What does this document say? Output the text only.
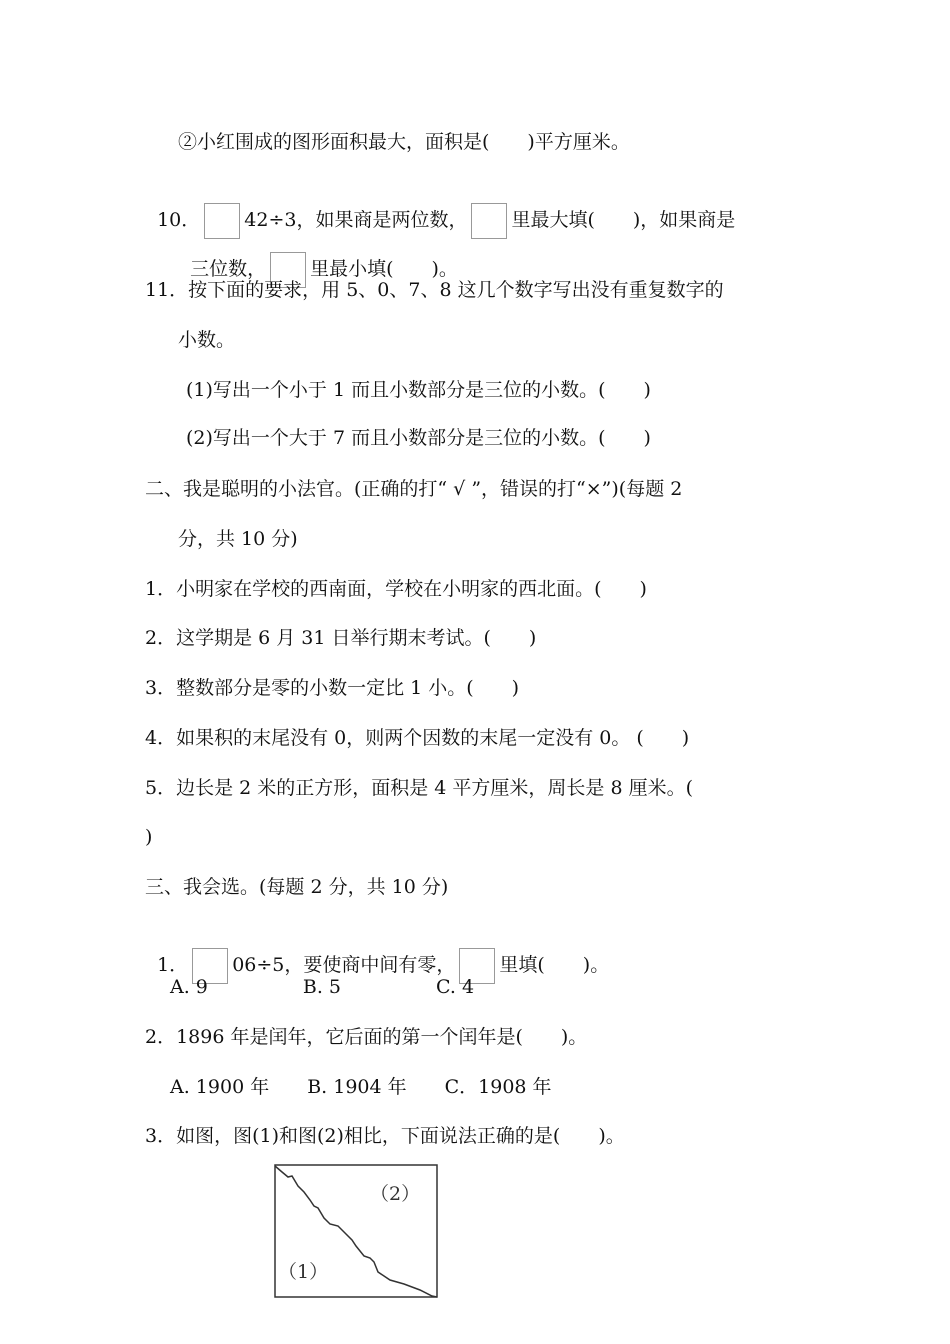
②小红围成的图形面积最大，面积是(　　)平方厘米。

10． 42÷3，如果商是两位数， 里最大填(　　)，如果商是

三位数， 里最小填(　　)。

11．按下面的要求，用 5、0、7、8 这几个数字写出没有重复数字的
小数。
(1)写出一个小于 1 而且小数部分是三位的小数。(　　)
(2)写出一个大于 7 而且小数部分是三位的小数。(　　)
二、我是聪明的小法官。(正确的打“ √ ”，错误的打“×”)(每题 2
分，共 10 分)
1．小明家在学校的西南面，学校在小明家的西北面。(　　)
2．这学期是 6 月 31 日举行期末考试。(　　)
3．整数部分是零的小数一定比 1 小。(　　)
4．如果积的末尾没有 0，则两个因数的末尾一定没有 0。 (　　)
5．边长是 2 米的正方形，面积是 4 平方厘米，周长是 8 厘米。(
)
三、我会选。(每题 2 分，共 10 分)

1． 06÷5，要使商中间有零， 里填(　　)。

A. 9　　　　　B. 5　　　　　C. 4
2．1896 年是闰年，它后面的第一个闰年是(　　)。
A. 1900 年　　B. 1904 年　　C．1908 年
3．如图，图(1)和图(2)相比，下面说法正确的是(　　)。
（2）
（1）
